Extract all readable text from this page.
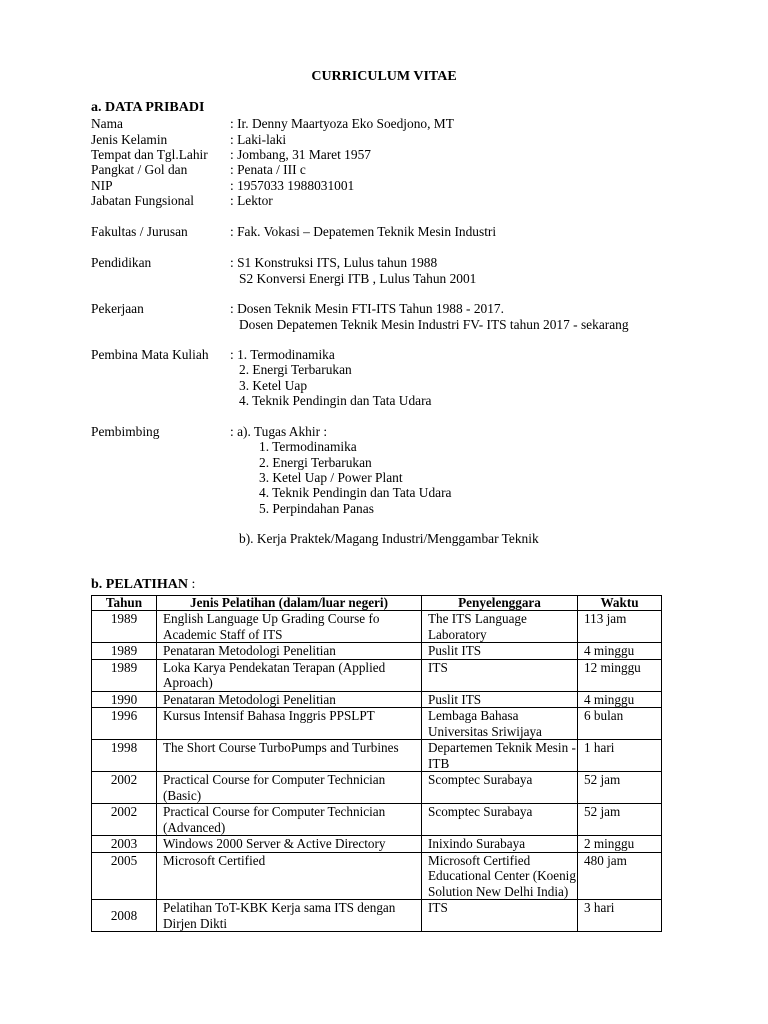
CURRICULUM VITAE
a. DATA PRIBADI
Nama	: Ir. Denny Maartyoza Eko Soedjono, MT
Jenis Kelamin	: Laki-laki
Tempat dan Tgl.Lahir : Jombang, 31 Maret 1957
Pangkat / Gol dan	: Penata / III c
NIP	: 1957033 1988031001
Jabatan Fungsional	: Lektor
Fakultas / Jurusan	: Fak. Vokasi – Depatemen Teknik Mesin Industri
Pendidikan	: S1 Konstruksi ITS, Lulus tahun 1988
S2 Konversi Energi ITB , Lulus Tahun 2001
Pekerjaan	: Dosen Teknik Mesin FTI-ITS Tahun 1988 - 2017.
Dosen Depatemen Teknik Mesin Industri FV- ITS tahun 2017 - sekarang
Pembina Mata Kuliah : 1. Termodinamika
2. Energi Terbarukan
3. Ketel Uap
4. Teknik Pendingin dan Tata Udara
Pembimbing	: a). Tugas Akhir :
1. Termodinamika
2. Energi Terbarukan
3. Ketel Uap / Power Plant
4. Teknik Pendingin dan Tata Udara
5. Perpindahan Panas
b). Kerja Praktek/Magang Industri/Menggambar Teknik
b. PELATIHAN :
Tahun	Jenis Pelatihan (dalam/luar negeri)	Penyelenggara	Waktu
1989	English Language Up Grading Course fo Academic Staff of ITS	The ITS Language Laboratory	113 jam
1989	Penataran Metodologi Penelitian	Puslit ITS	4 minggu
1989	Loka Karya Pendekatan Terapan (Applied Aproach)	ITS	12 minggu
1990	Penataran Metodologi Penelitian	Puslit ITS	4 minggu
1996	Kursus Intensif Bahasa Inggris PPSLPT	Lembaga Bahasa Universitas Sriwijaya	6 bulan
1998	The Short Course TurboPumps and Turbines	Departemen Teknik Mesin - ITB	1 hari
2002	Practical Course for Computer Technician (Basic)	Scomptec Surabaya	52 jam
2002	Practical Course for Computer Technician (Advanced)	Scomptec Surabaya	52 jam
2003	Windows 2000 Server & Active Directory	Inixindo Surabaya	2 minggu
2005	Microsoft Certified	Microsoft Certified Educational Center (Koenig Solution New Delhi India)	480 jam
2008	Pelatihan ToT-KBK Kerja sama ITS dengan Dirjen Dikti	ITS	3 hari
